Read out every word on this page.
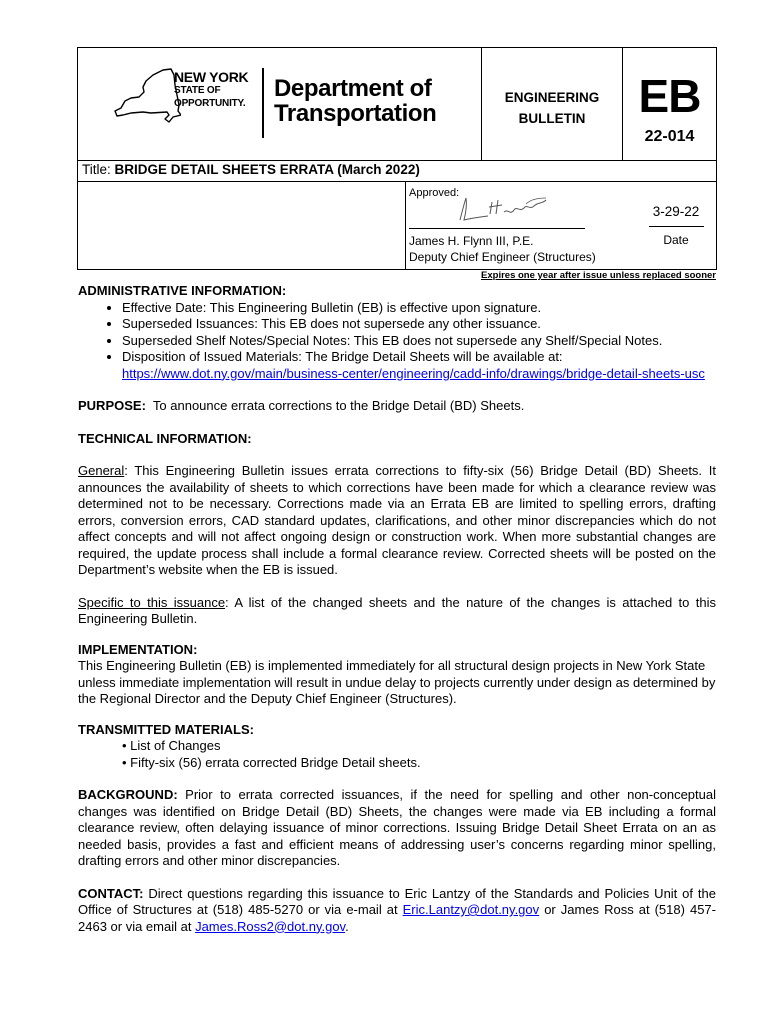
NEW YORK
STATE OF
OPPORTUNITY.
Department of
Transportation
ENGINEERING
BULLETIN	EB
22-014
Title: BRIDGE DETAIL SHEETS ERRATA (March 2022)
Approved:
James H. Flynn III, P.E.
Deputy Chief Engineer (Structures)
3-29-22
Date
Expires one year after issue unless replaced sooner
ADMINISTRATIVE INFORMATION:
• Effective Date: This Engineering Bulletin (EB) is effective upon signature.
• Superseded Issuances: This EB does not supersede any other issuance.
• Superseded Shelf Notes/Special Notes: This EB does not supersede any Shelf/Special Notes.
• Disposition of Issued Materials: The Bridge Detail Sheets will be available at:
https://www.dot.ny.gov/main/business-center/engineering/cadd-info/drawings/bridge-detail-sheets-usc
PURPOSE: To announce errata corrections to the Bridge Detail (BD) Sheets.
TECHNICAL INFORMATION:
General: This Engineering Bulletin issues errata corrections to fifty-six (56) Bridge Detail (BD) Sheets. It announces the availability of sheets to which corrections have been made for which a clearance review was determined not to be necessary. Corrections made via an Errata EB are limited to spelling errors, drafting errors, conversion errors, CAD standard updates, clarifications, and other minor discrepancies which do not affect concepts and will not affect ongoing design or construction work. When more substantial changes are required, the update process shall include a formal clearance review. Corrected sheets will be posted on the Department’s website when the EB is issued.
Specific to this issuance: A list of the changed sheets and the nature of the changes is attached to this Engineering Bulletin.
IMPLEMENTATION:
This Engineering Bulletin (EB) is implemented immediately for all structural design projects in New York State unless immediate implementation will result in undue delay to projects currently under design as determined by the Regional Director and the Deputy Chief Engineer (Structures).
TRANSMITTED MATERIALS:
• List of Changes
• Fifty-six (56) errata corrected Bridge Detail sheets.
BACKGROUND: Prior to errata corrected issuances, if the need for spelling and other non-conceptual changes was identified on Bridge Detail (BD) Sheets, the changes were made via EB including a formal clearance review, often delaying issuance of minor corrections. Issuing Bridge Detail Sheet Errata on an as needed basis, provides a fast and efficient means of addressing user’s concerns regarding minor spelling, drafting errors and other minor discrepancies.
CONTACT: Direct questions regarding this issuance to Eric Lantzy of the Standards and Policies Unit of the Office of Structures at (518) 485-5270 or via e-mail at Eric.Lantzy@dot.ny.gov or James Ross at (518) 457-2463 or via email at James.Ross2@dot.ny.gov.
